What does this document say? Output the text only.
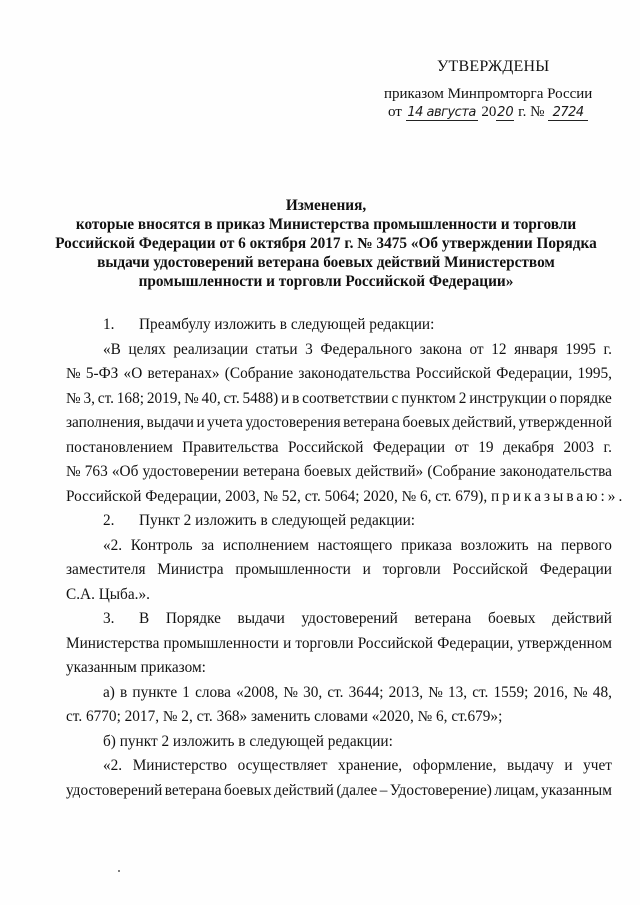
УТВЕРЖДЕНЫ
приказом Минпромторга России
от 14 августа 2020 г. № 2724
Изменения,
которые вносятся в приказ Министерства промышленности и торговли
Российской Федерации от 6 октября 2017 г. № 3475 «Об утверждении Порядка
выдачи удостоверений ветерана боевых действий Министерством
промышленности и торговли Российской Федерации»
1.	Преамбулу изложить в следующей редакции:
«В целях реализации статьи 3 Федерального закона от 12 января 1995 г.
№ 5-ФЗ «О ветеранах» (Собрание законодательства Российской Федерации, 1995,
№ 3, ст. 168; 2019, № 40, ст. 5488) и в соответствии с пунктом 2 инструкции о порядке
заполнения, выдачи и учета удостоверения ветерана боевых действий, утвержденной
постановлением Правительства Российской Федерации от 19 декабря 2003 г.
№ 763 «Об удостоверении ветерана боевых действий» (Собрание законодательства
Российской Федерации, 2003, № 52, ст. 5064; 2020, № 6, ст. 679),
приказываю:».
2.	Пункт 2 изложить в следующей редакции:
«2. Контроль за исполнением настоящего приказа возложить на первого
заместителя Министра промышленности и торговли Российской Федерации
С.А. Цыба.».
3.	В Порядке выдачи удостоверений ветерана боевых действий
Министерства промышленности и торговли Российской Федерации, утвержденном
указанным приказом:
а) в пункте 1 слова «2008, № 30, ст. 3644; 2013, № 13, ст. 1559; 2016, № 48,
ст. 6770; 2017, № 2, ст. 368» заменить словами «2020, № 6, ст.679»;
б) пункт 2 изложить в следующей редакции:
«2. Министерство осуществляет хранение, оформление, выдачу и учет
удостоверений ветерана боевых действий (далее – Удостоверение) лицам, указанным
